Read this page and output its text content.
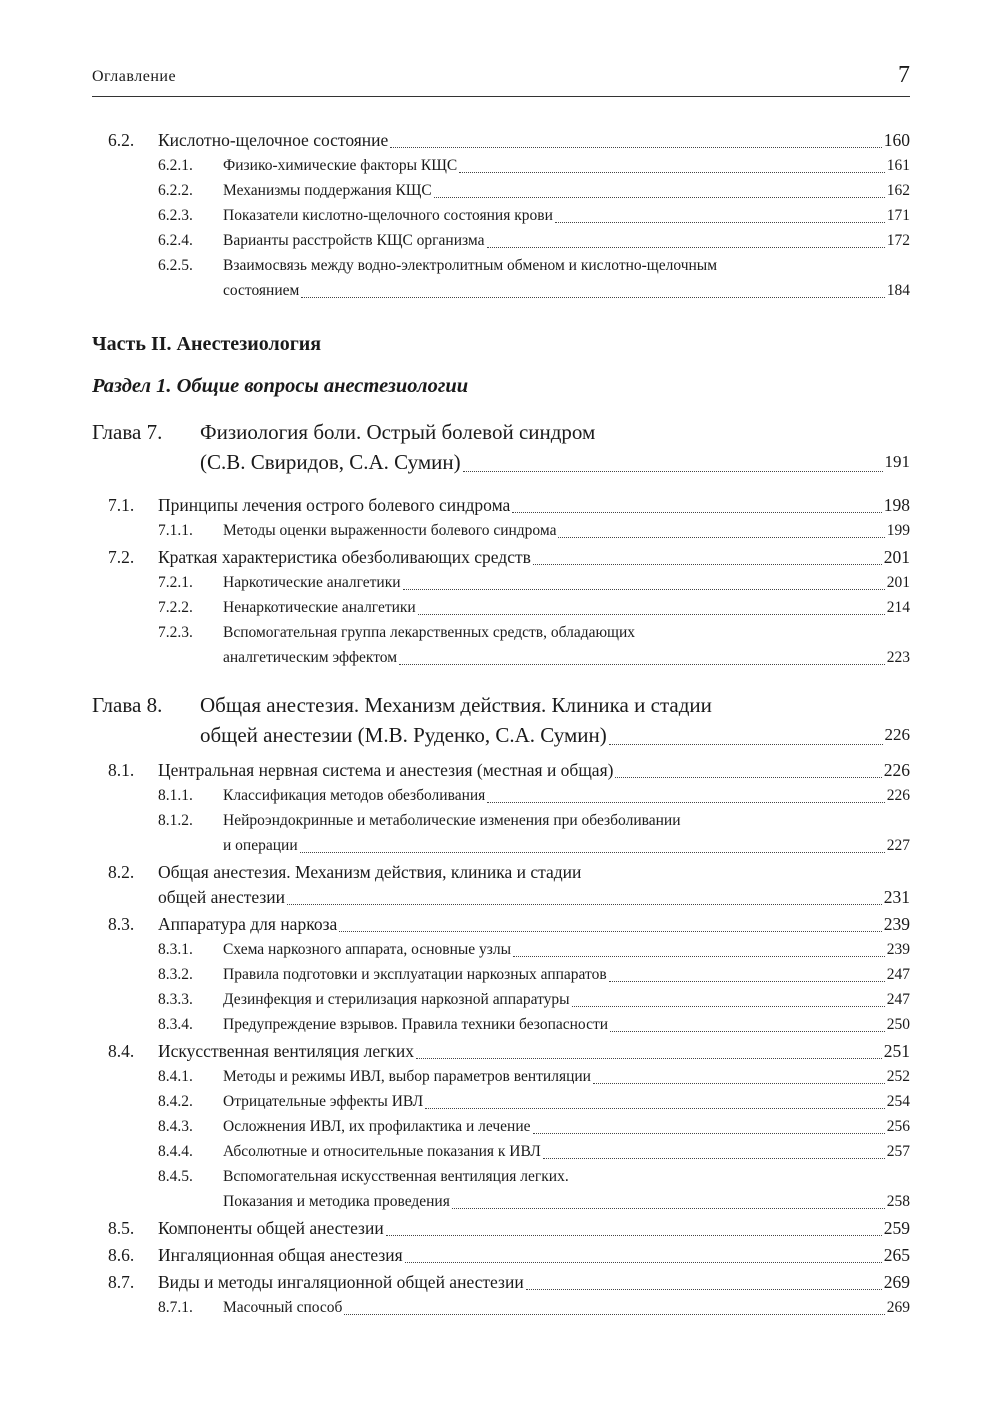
Оглавление	7
6.2. Кислотно-щелочное состояние	160
6.2.1. Физико-химические факторы КЩС	161
6.2.2. Механизмы поддержания КЩС	162
6.2.3. Показатели кислотно-щелочного состояния крови	171
6.2.4. Варианты расстройств КЩС организма	172
6.2.5. Взаимосвязь между водно-электролитным обменом и кислотно-щелочным
состоянием	184
Часть II. Анестезиология
Раздел 1. Общие вопросы анестезиологии
Глава 7. Физиология боли. Острый болевой синдром
(С.В. Свиридов, С.А. Сумин)	191
7.1. Принципы лечения острого болевого синдрома	198
7.1.1. Методы оценки выраженности болевого синдрома	199
7.2. Краткая характеристика обезболивающих средств	201
7.2.1. Наркотические аналгетики	201
7.2.2. Ненаркотические аналгетики	214
7.2.3. Вспомогательная группа лекарственных средств, обладающих
аналгетическим эффектом	223
Глава 8. Общая анестезия. Механизм действия. Клиника и стадии
общей анестезии (М.В. Руденко, С.А. Сумин)	226
8.1. Центральная нервная система и анестезия (местная и общая)	226
8.1.1. Классификация методов обезболивания	226
8.1.2. Нейроэндокринные и метаболические изменения при обезболивании
и операции	227
8.2. Общая анестезия. Механизм действия, клиника и стадии
общей анестезии	231
8.3. Аппаратура для наркоза	239
8.3.1. Схема наркозного аппарата, основные узлы	239
8.3.2. Правила подготовки и эксплуатации наркозных аппаратов	247
8.3.3. Дезинфекция и стерилизация наркозной аппаратуры	247
8.3.4. Предупреждение взрывов. Правила техники безопасности	250
8.4. Искусственная вентиляция легких	251
8.4.1. Методы и режимы ИВЛ, выбор параметров вентиляции	252
8.4.2. Отрицательные эффекты ИВЛ	254
8.4.3. Осложнения ИВЛ, их профилактика и лечение	256
8.4.4. Абсолютные и относительные показания к ИВЛ	257
8.4.5. Вспомогательная искусственная вентиляция легких.
Показания и методика проведения	258
8.5. Компоненты общей анестезии	259
8.6. Ингаляционная общая анестезия	265
8.7. Виды и методы ингаляционной общей анестезии	269
8.7.1. Масочный способ	269
